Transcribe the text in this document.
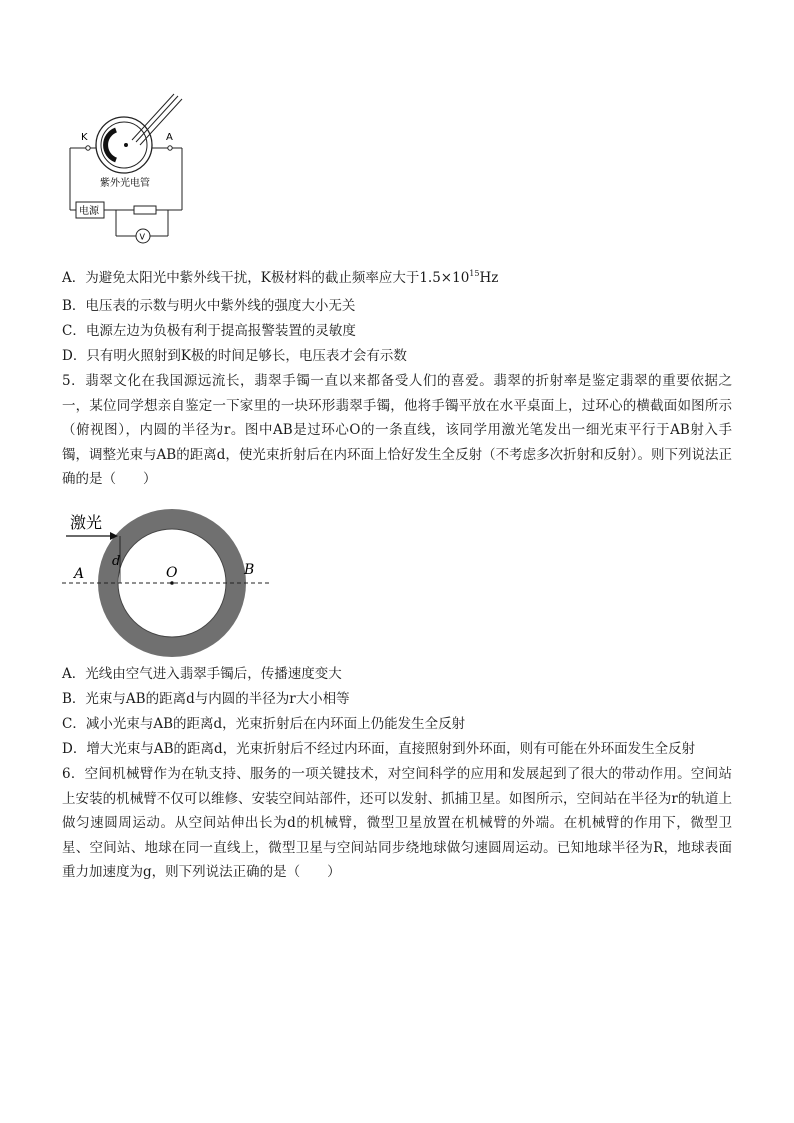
K	A
紫外光电管
电源
V
A．为避免太阳光中紫外线干扰，K极材料的截止频率应大于$1.5\times 10^{15}Hz$
B．电压表的示数与明火中紫外线的强度大小无关
C．电源左边为负极有利于提高报警装置的灵敏度
D．只有明火照射到K极的时间足够长，电压表才会有示数
5．翡翠文化在我国源远流长，翡翠手镯一直以来都备受人们的喜爱。翡翠的折射率是鉴定翡翠的重要依据之一，某位同学想亲自鉴定一下家里的一块环形翡翠手镯，他将手镯平放在水平桌面上，过环心的横截面如图所示（俯视图），内圆的半径为r。图中AB是过环心O的一条直线，该同学用激光笔发出一细光束平行于AB射入手镯，调整光束与AB的距离d，使光束折射后在内环面上恰好发生全反射（不考虑多次折射和反射）。则下列说法正确的是（　　）
激光
d
A	O	B
A．光线由空气进入翡翠手镯后，传播速度变大
B．光束与AB的距离d与内圆的半径为r大小相等
C．减小光束与AB的距离d，光束折射后在内环面上仍能发生全反射
D．增大光束与AB的距离d，光束折射后不经过内环面，直接照射到外环面，则有可能在外环面发生全反射
6．空间机械臂作为在轨支持、服务的一项关键技术，对空间科学的应用和发展起到了很大的带动作用。空间站上安装的机械臂不仅可以维修、安装空间站部件，还可以发射、抓捕卫星。如图所示，空间站在半径为r的轨道上做匀速圆周运动。从空间站伸出长为d的机械臂，微型卫星放置在机械臂的外端。在机械臂的作用下，微型卫星、空间站、地球在同一直线上，微型卫星与空间站同步绕地球做匀速圆周运动。已知地球半径为R，地球表面重力加速度为g，则下列说法正确的是（　　）
